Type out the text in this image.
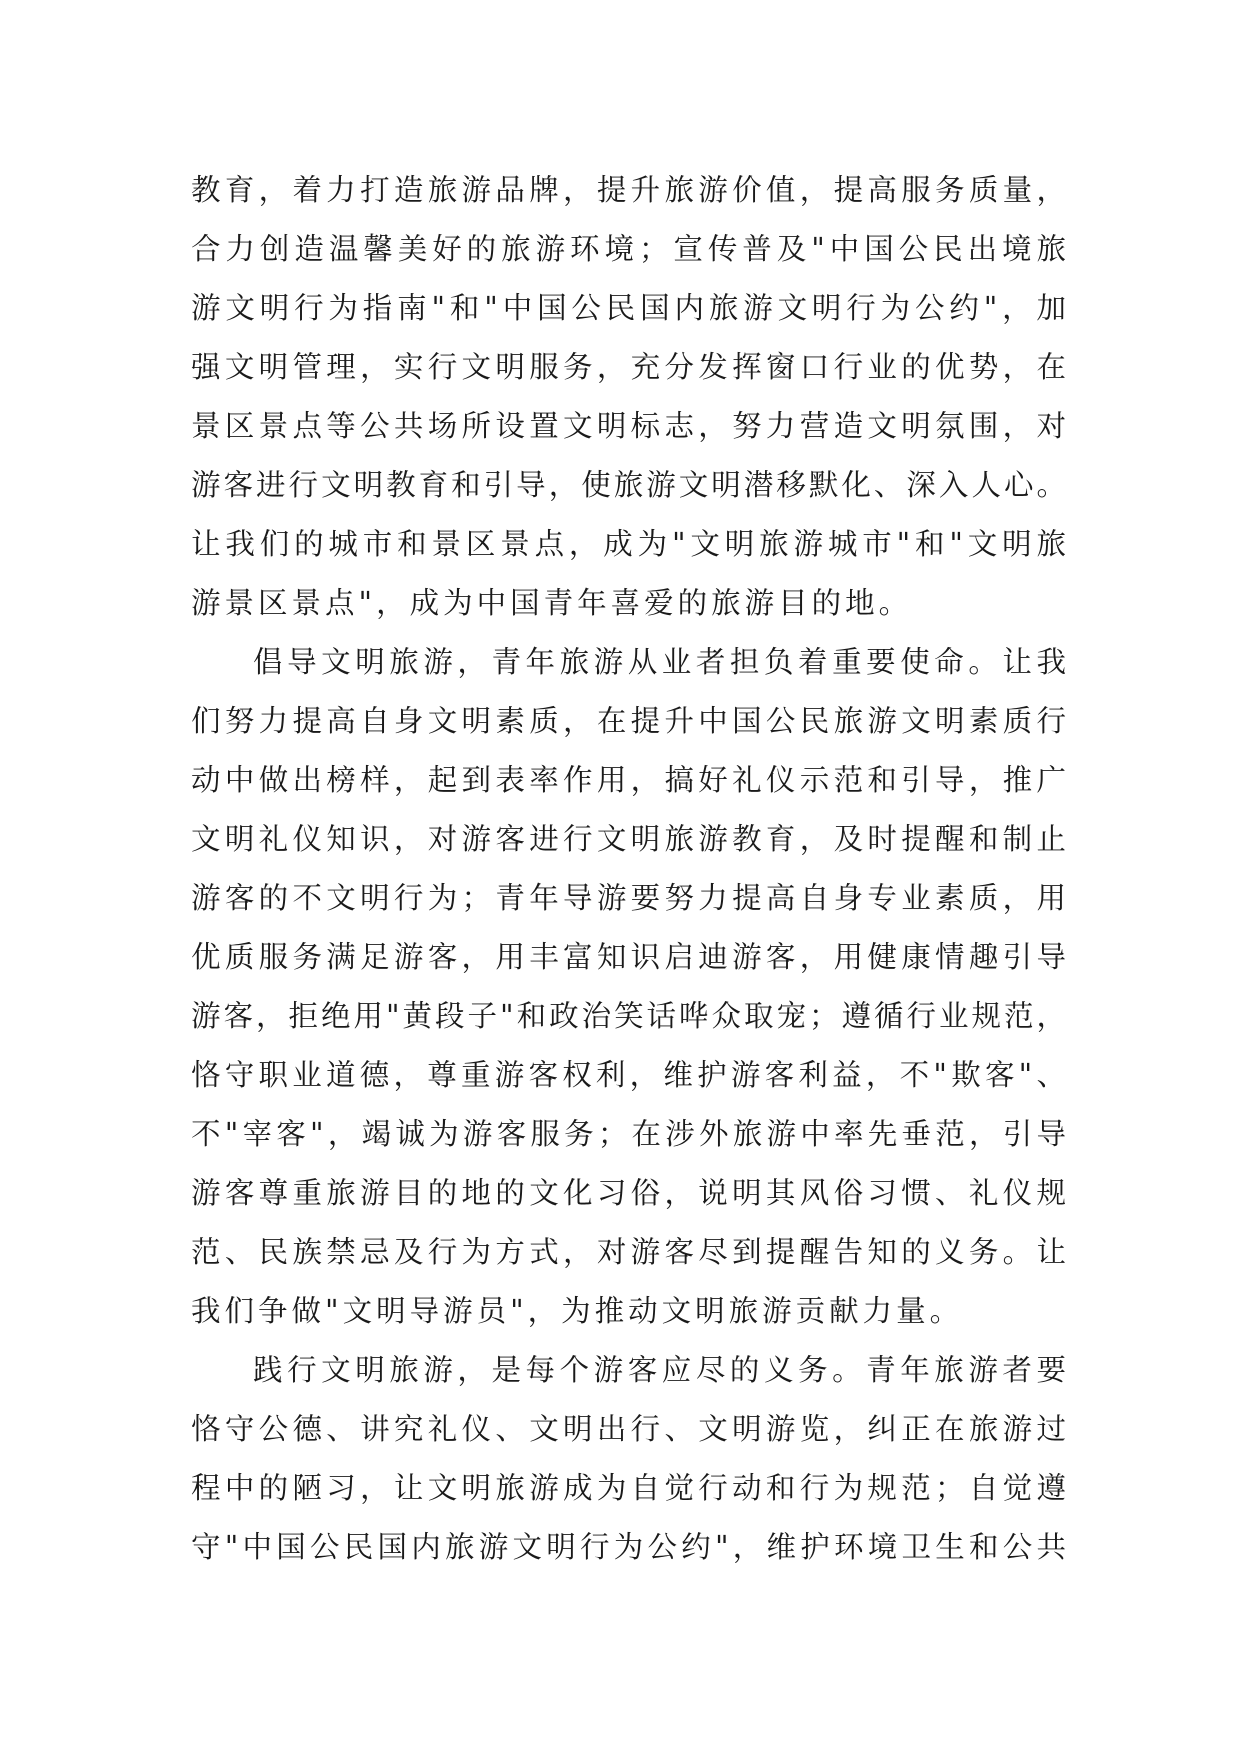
教育，着力打造旅游品牌，提升旅游价值，提高服务质量，
合力创造温馨美好的旅游环境；宣传普及"中国公民出境旅
游文明行为指南"和"中国公民国内旅游文明行为公约"，加
强文明管理，实行文明服务，充分发挥窗口行业的优势，在
景区景点等公共场所设置文明标志，努力营造文明氛围，对
游客进行文明教育和引导，使旅游文明潜移默化、深入人心。
让我们的城市和景区景点，成为"文明旅游城市"和"文明旅
游景区景点"，成为中国青年喜爱的旅游目的地。
倡导文明旅游，青年旅游从业者担负着重要使命。让我
们努力提高自身文明素质，在提升中国公民旅游文明素质行
动中做出榜样，起到表率作用，搞好礼仪示范和引导，推广
文明礼仪知识，对游客进行文明旅游教育，及时提醒和制止
游客的不文明行为；青年导游要努力提高自身专业素质，用
优质服务满足游客，用丰富知识启迪游客，用健康情趣引导
游客，拒绝用"黄段子"和政治笑话哗众取宠；遵循行业规范，
恪守职业道德，尊重游客权利，维护游客利益，不"欺客"、
不"宰客"，竭诚为游客服务；在涉外旅游中率先垂范，引导
游客尊重旅游目的地的文化习俗，说明其风俗习惯、礼仪规
范、民族禁忌及行为方式，对游客尽到提醒告知的义务。让
我们争做"文明导游员"，为推动文明旅游贡献力量。
践行文明旅游，是每个游客应尽的义务。青年旅游者要
恪守公德、讲究礼仪、文明出行、文明游览，纠正在旅游过
程中的陋习，让文明旅游成为自觉行动和行为规范；自觉遵
守"中国公民国内旅游文明行为公约"，维护环境卫生和公共
